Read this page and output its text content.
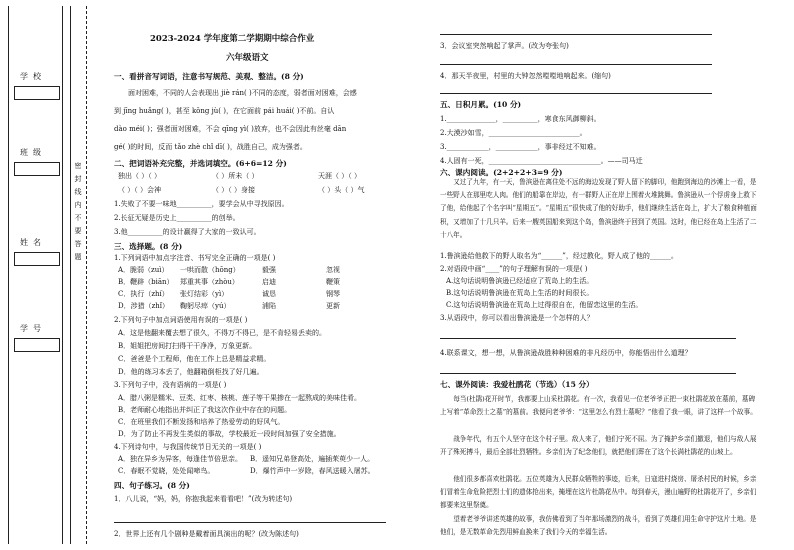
学校
班级
姓名
学号
密
封
线
内
不
要
答
题
2023-2024 学年度第二学期期中综合作业
六年级语文
一、看拼音写词语，注意书写规范、美观、整洁。(8 分)
面对困难，不同的人会表现出 jiè rán( )不同的态度，弱者面对困难，会感
到 jīng huǎng( )，甚至 kǒng jù( )，在它面前 pái huái( )不前。自认
dào méi( )；强者面对困难，不会 qīng yì( )放弃，也不会因此有丝毫 dān
gé( )的时间，反而 tǎo zhè chǐ dī( )，战胜自己，成为强者。
二、把词语补充完整，并选词填空。(6+6=12 分)
独出（ ）（ ）	（ ）所未（ ）	天涯（ ）（ ）
（ ）（ ）会神	（ ）（ ）身接	（ ）头（ ）气
1.失败了不要一味地__________，要学会从中寻找原因。
2.长征无疑是历史上__________的创举。
3.他__________的设计赢得了大家的一致认可。
三、选择题。(8 分)
1.下列词语中加点字注音、书写完全正确的一项是( )
A．脆弱（zuì） 一哄而散（hōng）	毅强	忽视
B．鞭辟（biān） 郑重其事（zhòu）	启迪	鞭策
C．执行（zhí） 张灯结彩（yì）	诚恳	钢琴
D．涉猎（zhǐ） 鞠躬尽瘁（yú）	浦陷	更新
2.下列句子中加点词语使用有误的一项是( )
A．这是他翻来覆去想了很久，不得万不得已，是不肯轻易丢卖的。
B．姐姐把房间打扫得干干净净，万象更新。
C．爸爸是个工程师，他在工作上总是精益求精。
D．他的练习本丢了，他翻箱倒柜找了好几遍。
3.下列句子中，没有语病的一项是( )
A．腊八粥是糯米、豆类、红枣、核桃、莲子等干果掺在一起熬成的美味佳肴。
B．老师耐心地指出并纠正了我这次作业中存在的问题。
C．在班里我们不断发扬和培养了热爱劳动的好风气。
D．为了防止不再发生类似的事故，学校最近一段时间加强了安全措施。
4.下列诗句中，与我国传统节日无关的一项是( )
A．独在异乡为异客，每逢佳节倍思亲。 B．遥知兄弟登高处，遍插茱萸少一人。
C．春眠不觉晓，处处闻啼鸟。	D．爆竹声中一岁除，春风送暖入屠苏。
四、句子练习。(8 分)
1．八儿说，“妈，妈，你抱我起来看看吧！”(改为转述句)
2．世界上还有几个剧种是戴着面具演出的呢？(改为陈述句)
3．会议室突然响起了掌声。(改为夸张句)
4．那天半夜里，村里的大钟忽然嘡嘡地响起来。(缩句)
五、日积月累。(10 分)
1.______________，__________，寒食东风御柳斜。
2.大漠沙如雪，__________________________。
3.____________，____________，事非经过不知难。
4.人固有一死，________________________________。——司马迁
六、课内阅读。(2+2+2+3=9 分)
又过了九年，有一天，鲁滨逊在离住处不远的海边发现了野人留下的脚印，他跑到海边的沙滩上一看，是一些野人在那里吃人肉。他们的船靠在岸边，有一群野人正在岸上围着火堆跳舞。鲁滨逊从一个俘虏身上救下了他，给他起了个名字叫“星期五”。“星期五”很快成了他的好助手，他们继续生活在岛上，扩大了粮食种植面积，又增加了十几只羊。后来一艘英国船来到这个岛，鲁滨逊终于回到了英国。这时，他已经在岛上生活了二十八年。
1.鲁滨逊给他救下的野人取名为“______”，经过教化，野人成了他的______。
2.对语段中画“____”的句子理解有误的一项是( )
A.这句话说明鲁滨逊已经适应了荒岛上的生活。
B.这句话说明鲁滨逊在荒岛上生活的时间很长。
C.这句话说明鲁滨逊在荒岛上过得很自在，他留恋这里的生活。
3.从语段中，你可以看出鲁滨逊是一个怎样的人？
4.联系课文，想一想，从鲁滨逊战胜种种困难的非凡经历中，你能悟出什么道理？
七、课外阅读：我爱杜鹃花（节选）（15 分）
每当(杜鹃)花开时节，我都要上山采杜鹃花。有一次，我看见一位老爷爷正把一束杜鹃花放在墓前，墓碑上写着“革命烈士之墓”的墓前。我便问老爷爷：“这里怎么有烈士墓呢？”他看了我一眼，讲了这样一个故事。
战争年代，有五个人坚守在这个村子里。敌人来了，他们宁死不屈。为了掩护乡亲们撤退，他们与敌人展开了殊死搏斗，最后全部壮烈牺牲。乡亲们为了纪念他们，就把他们葬在了这个长满杜鹃花的山坡上。
他们很多都喜欢杜鹃花。五位英雄为人民群众牺牲的事迹，后来，日寇进村烧房、屠杀村民的时候，乡亲们冒着生命危险把烈士们的遗体抢出来，掩埋在这片杜鹃花丛中。每到春天，漫山遍野的杜鹃花开了，乡亲们都要来这里祭奠。
望着老爷爷讲述英雄的故事，我仿佛看到了当年那场激烈的战斗，看到了英雄们用生命守护这片土地。是他们，是无数革命先烈用鲜血换来了我们今天的幸福生活。
